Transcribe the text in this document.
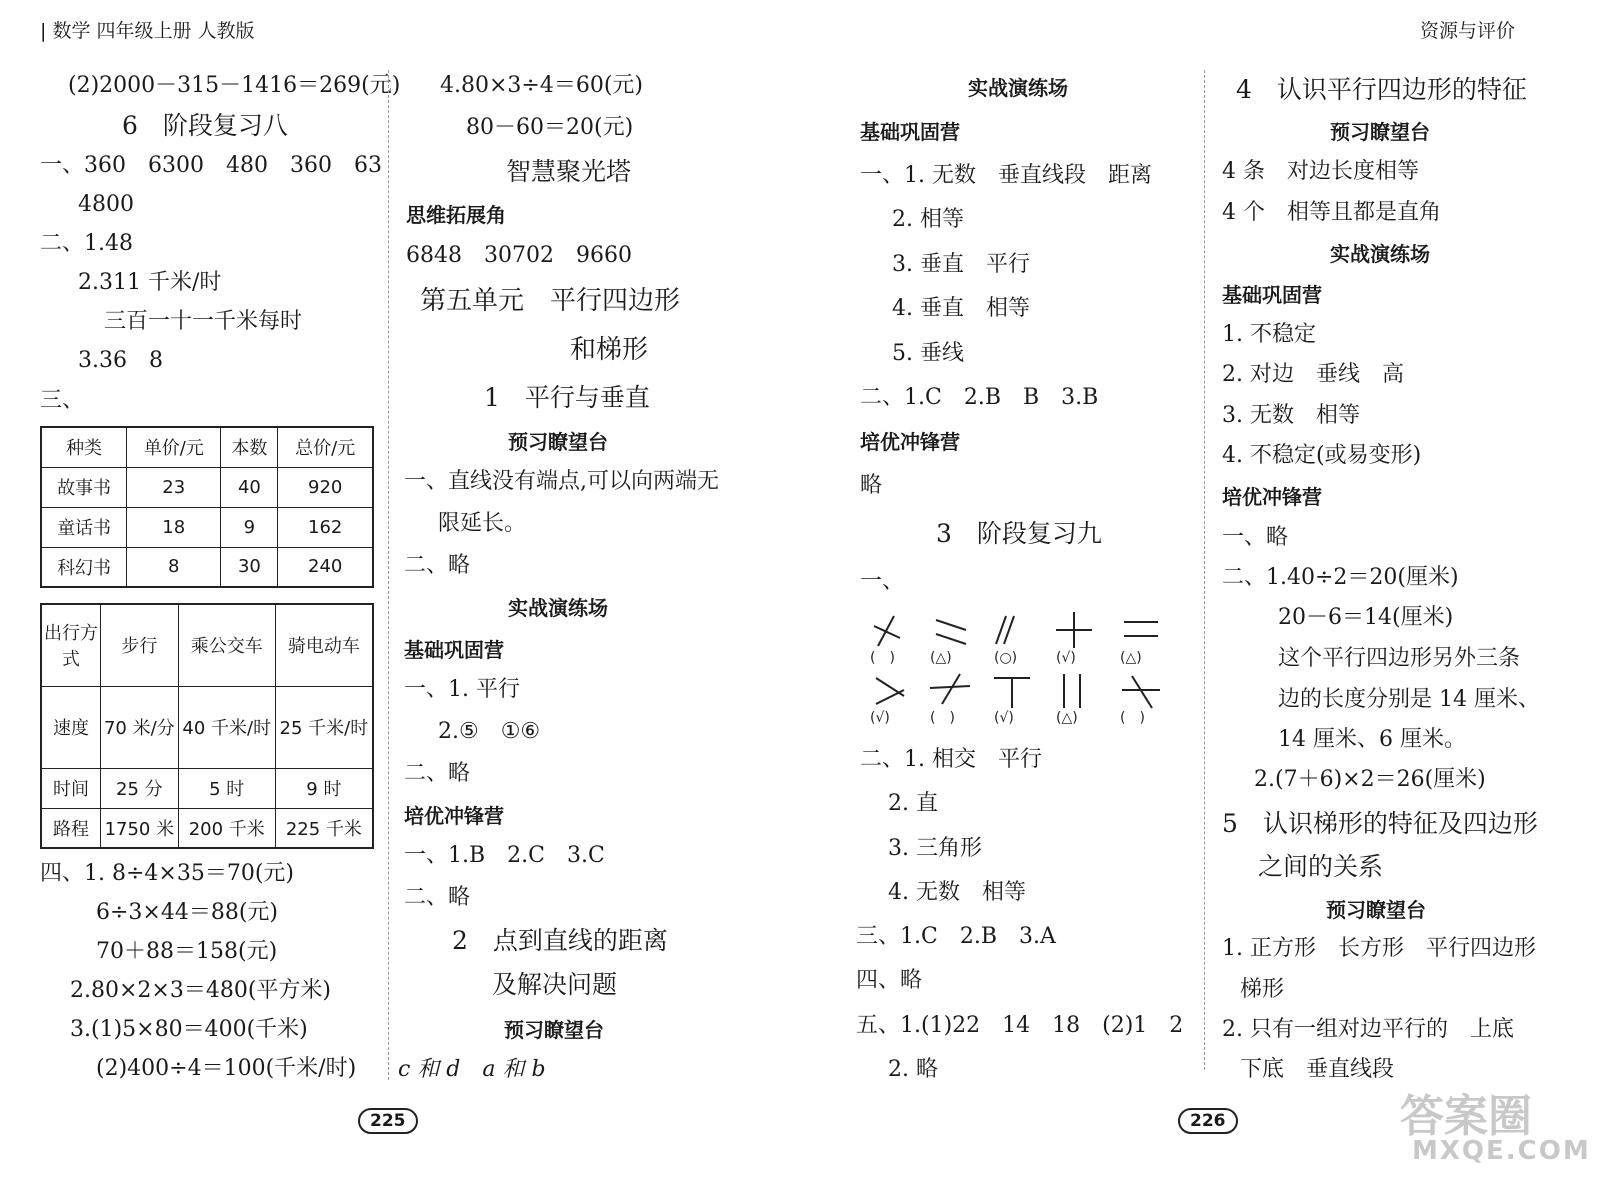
| 数学 四年级上册 人教版	资源与评价
(2)2000－315－1416＝269(元)
6　阶段复习八
一、360　6300　480　360　63
4800
二、1.48
2.311 千米/时
三百一十一千米每时
3.36　8
三、
种类	单价/元	本数	总价/元
故事书	23	40	920
童话书	18	9	162
科幻书	8	30	240
出行方式	步行	乘公交车	骑电动车
速度	70 米/分	40 千米/时	25 千米/时
时间	25 分	5 时	9 时
路程	1750 米	200 千米	225 千米
四、1. 8÷4×35＝70(元)
6÷3×44＝88(元)
70＋88＝158(元)
2.80×2×3＝480(平方米)
3.(1)5×80＝400(千米)
(2)400÷4＝100(千米/时)
4.80×3÷4＝60(元)
80－60＝20(元)
智慧聚光塔
思维拓展角
6848　30702　9660
第五单元　平行四边形
和梯形
1　平行与垂直
预习瞭望台
一、直线没有端点,可以向两端无
限延长。
二、略
实战演练场
基础巩固营
一、1. 平行
2.⑤　①⑥
二、略
培优冲锋营
一、1.B　2.C　3.C
二、略
2　点到直线的距离
及解决问题
预习瞭望台
c 和 d　a 和 b
225	226
实战演练场
基础巩固营
一、1. 无数　垂直线段　距离
2. 相等
3. 垂直　平行
4. 垂直　相等
5. 垂线
二、1.C　2.B　B　3.B
培优冲锋营
略
3　阶段复习九
一、
二、1. 相交　平行
2. 直
3. 三角形
4. 无数　相等
三、1.C　2.B　3.A
四、略
五、1.(1)22　14　18　(2)1　2
2. 略
(　)	(△)	(○)	(√)	(△)
(√)	(　)	(√)	(△)	(　)
4　认识平行四边形的特征
预习瞭望台
4 条　对边长度相等
4 个　相等且都是直角
实战演练场
基础巩固营
1. 不稳定
2. 对边　垂线　高
3. 无数　相等
4. 不稳定(或易变形)
培优冲锋营
一、略
二、1.40÷2＝20(厘米)
20－6＝14(厘米)
这个平行四边形另外三条
边的长度分别是 14 厘米、
14 厘米、6 厘米。
2.(7＋6)×2＝26(厘米)
5　认识梯形的特征及四边形
之间的关系
预习瞭望台
1. 正方形　长方形　平行四边形
梯形
2. 只有一组对边平行的　上底
下底　垂直线段
答案圈
MXQE.COM
